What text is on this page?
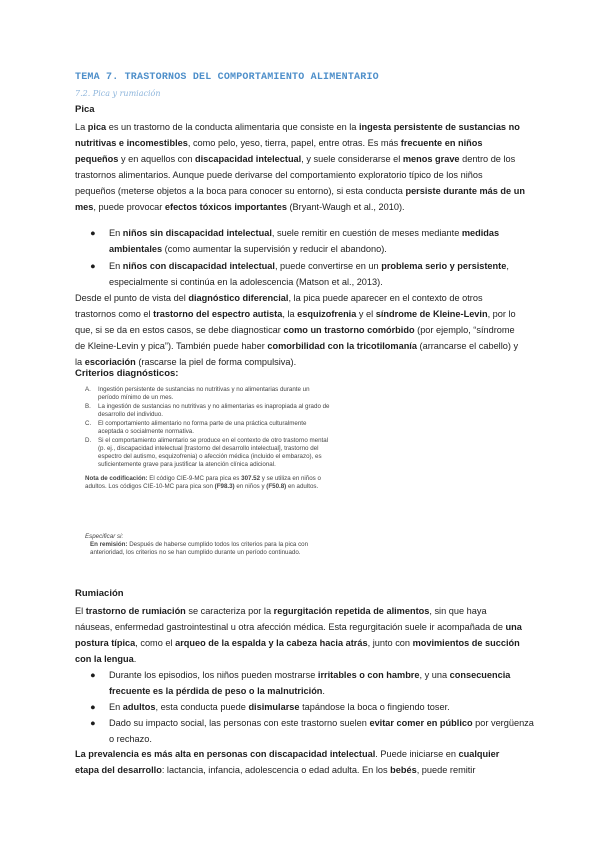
TEMA 7. TRASTORNOS DEL COMPORTAMIENTO ALIMENTARIO
7.2. Pica y rumiación
Pica
La pica es un trastorno de la conducta alimentaria que consiste en la ingesta persistente de sustancias no nutritivas e incomestibles, como pelo, yeso, tierra, papel, entre otras. Es más frecuente en niños pequeños y en aquellos con discapacidad intelectual, y suele considerarse el menos grave dentro de los trastornos alimentarios. Aunque puede derivarse del comportamiento exploratorio típico de los niños pequeños (meterse objetos a la boca para conocer su entorno), si esta conducta persiste durante más de un mes, puede provocar efectos tóxicos importantes (Bryant-Waugh et al., 2010).
● En niños sin discapacidad intelectual, suele remitir en cuestión de meses mediante medidas ambientales (como aumentar la supervisión y reducir el abandono).
● En niños con discapacidad intelectual, puede convertirse en un problema serio y persistente, especialmente si continúa en la adolescencia (Matson et al., 2013).
Desde el punto de vista del diagnóstico diferencial, la pica puede aparecer en el contexto de otros trastornos como el trastorno del espectro autista, la esquizofrenia y el síndrome de Kleine-Levin, por lo que, si se da en estos casos, se debe diagnosticar como un trastorno comórbido (por ejemplo, “síndrome de Kleine-Levin y pica”). También puede haber comorbilidad con la tricotilomanía (arrancarse el cabello) y la escoriación (rascarse la piel de forma compulsiva).
Criterios diagnósticos:
A. Ingestión persistente de sustancias no nutritivas y no alimentarias durante un período mínimo de un mes.
B. La ingestión de sustancias no nutritivas y no alimentarias es inapropiada al grado de desarrollo del individuo.
C. El comportamiento alimentario no forma parte de una práctica culturalmente aceptada o socialmente normativa.
D. Si el comportamiento alimentario se produce en el contexto de otro trastorno mental (p. ej., discapacidad intelectual [trastorno del desarrollo intelectual], trastorno del espectro del autismo, esquizofrenia) o afección médica (incluido el embarazo), es suficientemente grave para justificar la atención clínica adicional.
Nota de codificación: El código CIE-9-MC para pica es 307.52 y se utiliza en niños o adultos. Los códigos CIE-10-MC para pica son (F98.3) en niños y (F50.8) en adultos.
Especificar si:
En remisión: Después de haberse cumplido todos los criterios para la pica con anterioridad, los criterios no se han cumplido durante un período continuado.
Rumiación
El trastorno de rumiación se caracteriza por la regurgitación repetida de alimentos, sin que haya náuseas, enfermedad gastrointestinal u otra afección médica. Esta regurgitación suele ir acompañada de una postura típica, como el arqueo de la espalda y la cabeza hacia atrás, junto con movimientos de succión con la lengua.
● Durante los episodios, los niños pueden mostrarse irritables o con hambre, y una consecuencia frecuente es la pérdida de peso o la malnutrición.
● En adultos, esta conducta puede disimularse tapándose la boca o fingiendo toser.
● Dado su impacto social, las personas con este trastorno suelen evitar comer en público por vergüenza o rechazo.
La prevalencia es más alta en personas con discapacidad intelectual. Puede iniciarse en cualquier etapa del desarrollo: lactancia, infancia, adolescencia o edad adulta. En los bebés, puede remitir
